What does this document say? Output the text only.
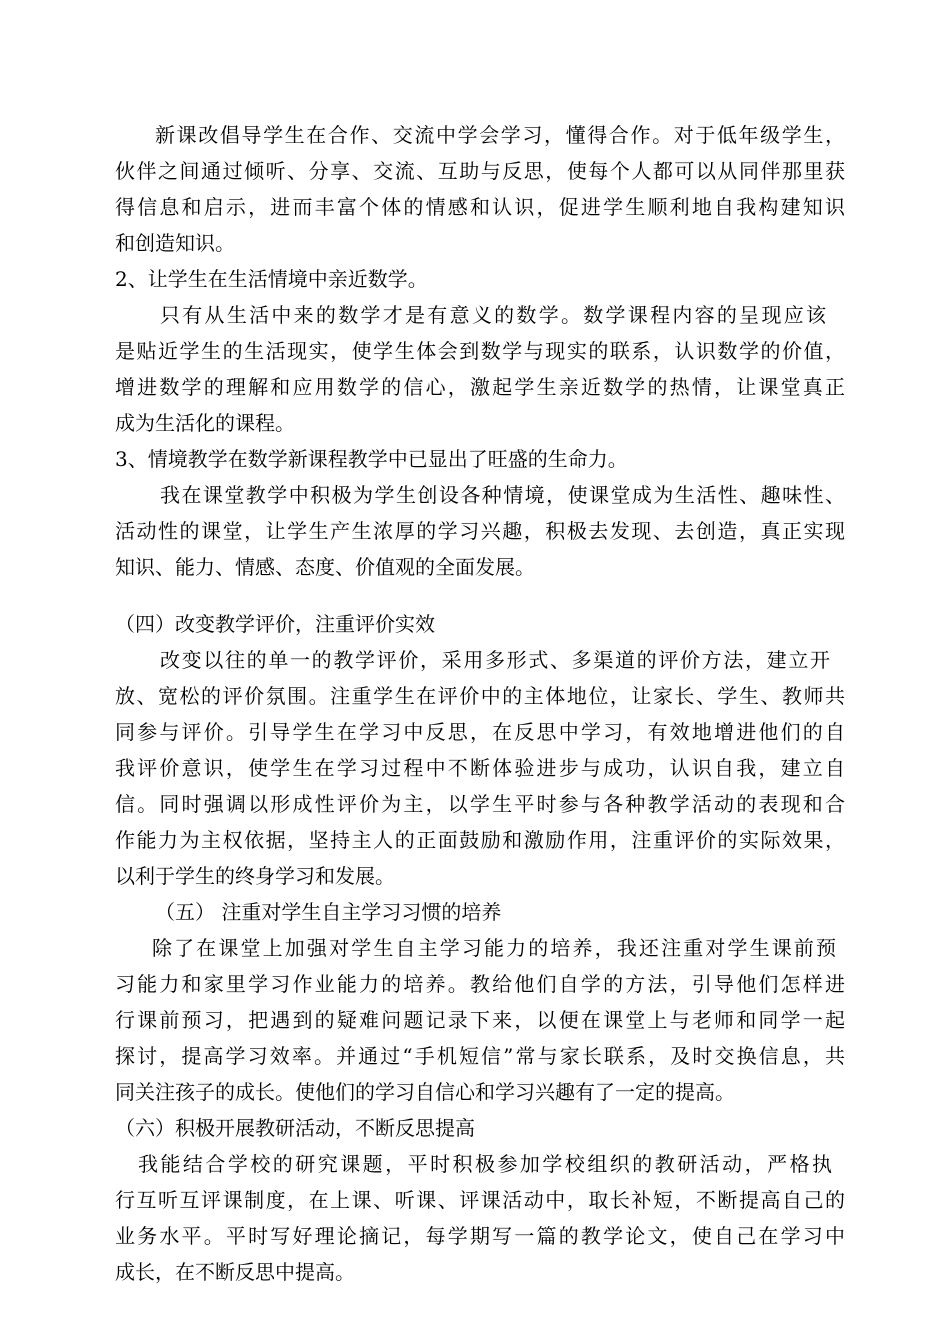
新课改倡导学生在合作、交流中学会学习，懂得合作。对于低年级学生，
伙伴之间通过倾听、分享、交流、互助与反思，使每个人都可以从同伴那里获
得信息和启示，进而丰富个体的情感和认识，促进学生顺利地自我构建知识
和创造知识。
2、让学生在生活情境中亲近数学。
只有从生活中来的数学才是有意义的数学。数学课程内容的呈现应该
是贴近学生的生活现实，使学生体会到数学与现实的联系，认识数学的价值，
增进数学的理解和应用数学的信心，激起学生亲近数学的热情，让课堂真正
成为生活化的课程。
3、情境教学在数学新课程教学中已显出了旺盛的生命力。
我在课堂教学中积极为学生创设各种情境，使课堂成为生活性、趣味性、
活动性的课堂，让学生产生浓厚的学习兴趣，积极去发现、去创造，真正实现
知识、能力、情感、态度、价值观的全面发展。
（四）改变教学评价，注重评价实效
改变以往的单一的教学评价，采用多形式、多渠道的评价方法，建立开
放、宽松的评价氛围。注重学生在评价中的主体地位，让家长、学生、教师共
同参与评价。引导学生在学习中反思，在反思中学习，有效地增进他们的自
我评价意识，使学生在学习过程中不断体验进步与成功，认识自我，建立自
信。同时强调以形成性评价为主，以学生平时参与各种教学活动的表现和合
作能力为主权依据，坚持主人的正面鼓励和激励作用，注重评价的实际效果，
以利于学生的终身学习和发展。
（五） 注重对学生自主学习习惯的培养
除了在课堂上加强对学生自主学习能力的培养，我还注重对学生课前预
习能力和家里学习作业能力的培养。教给他们自学的方法，引导他们怎样进
行课前预习，把遇到的疑难问题记录下来，以便在课堂上与老师和同学一起
探讨，提高学习效率。并通过“手机短信”常与家长联系，及时交换信息，共
同关注孩子的成长。使他们的学习自信心和学习兴趣有了一定的提高。
（六）积极开展教研活动，不断反思提高
我能结合学校的研究课题，平时积极参加学校组织的教研活动，严格执
行互听互评课制度，在上课、听课、评课活动中，取长补短，不断提高自己的
业务水平。平时写好理论摘记，每学期写一篇的教学论文，使自己在学习中
成长，在不断反思中提高。
